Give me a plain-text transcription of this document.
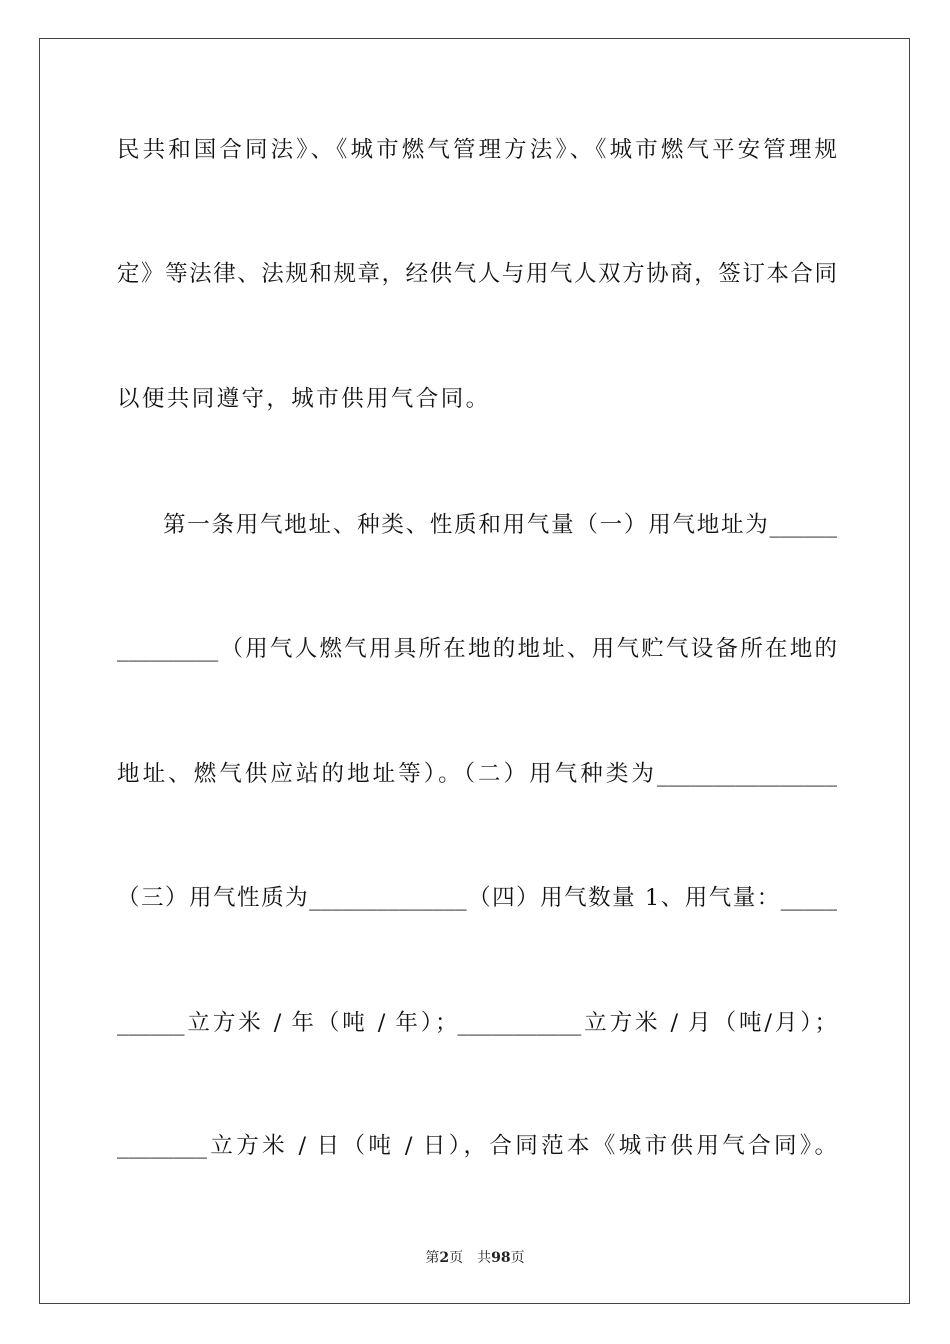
民共和国合同法》、《城市燃气管理方法》、《城市燃气平安管理规
定》等法律、法规和规章，经供气人与用气人双方协商，签订本合同
以便共同遵守，城市供用气合同。
第一条用气地址、种类、性质和用气量（一）用气地址为______
_________（用气人燃气用具所在地的地址、用气贮气设备所在地的
地址、燃气供应站的地址等）。（二）用气种类为________________
（三）用气性质为______________（四）用气数量 1、用气量：_____
______立方米 / 年（吨 / 年）；___________立方米 / 月（吨/月）；
________立方米 / 日（吨 / 日），合同范本《城市供用气合同》。
第2页　 共98页
